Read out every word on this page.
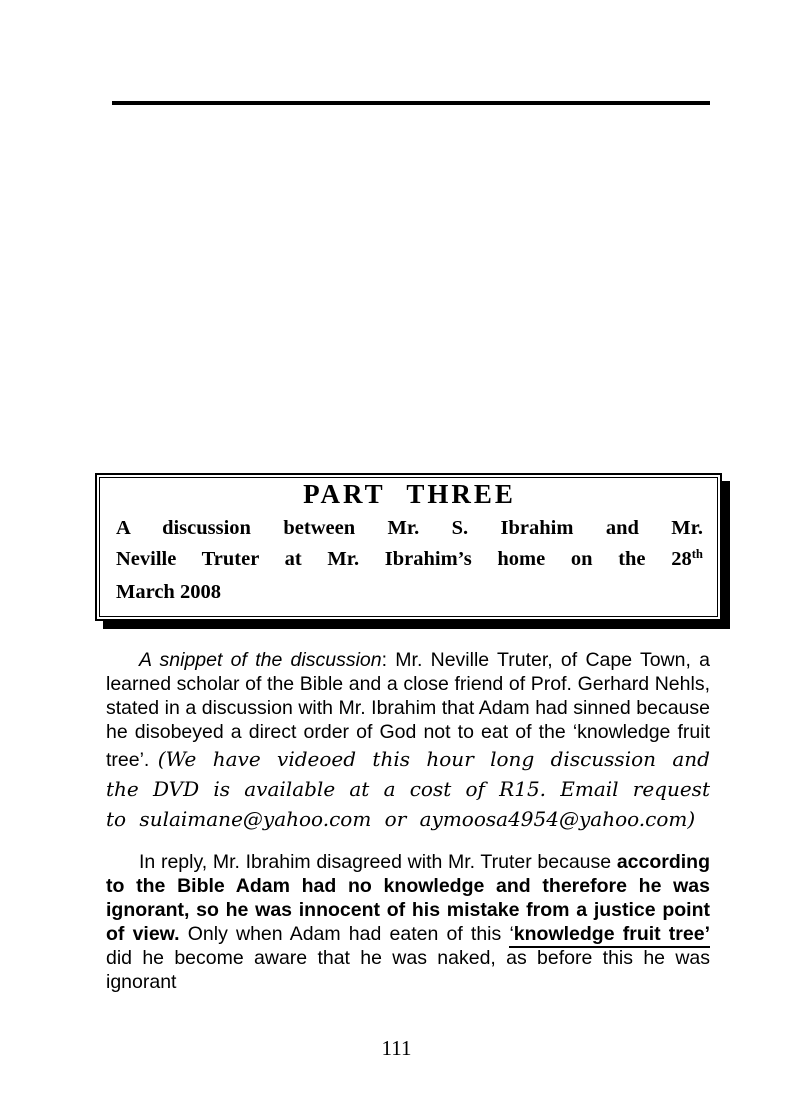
PART THREE
A discussion between Mr. S. Ibrahim and Mr.
Neville Truter at Mr. Ibrahim’s home on the 28th
March 2008

A snippet of the discussion: Mr. Neville Truter, of Cape Town, a learned scholar of the Bible and a close friend of Prof. Gerhard Nehls, stated in a discussion with Mr. Ibrahim that Adam had sinned because he disobeyed a direct order of God not to eat of the ‘knowledge fruit tree’. (We have videoed this hour long discussion and the DVD is available at a cost of R15. Email request to sulaimane@yahoo.com or aymoosa4954@yahoo.com)

In reply, Mr. Ibrahim disagreed with Mr. Truter because according to the Bible Adam had no knowledge and therefore he was ignorant, so he was innocent of his mistake from a justice point of view. Only when Adam had eaten of this ‘knowledge fruit tree’ did he become aware that he was naked, as before this he was ignorant

111
